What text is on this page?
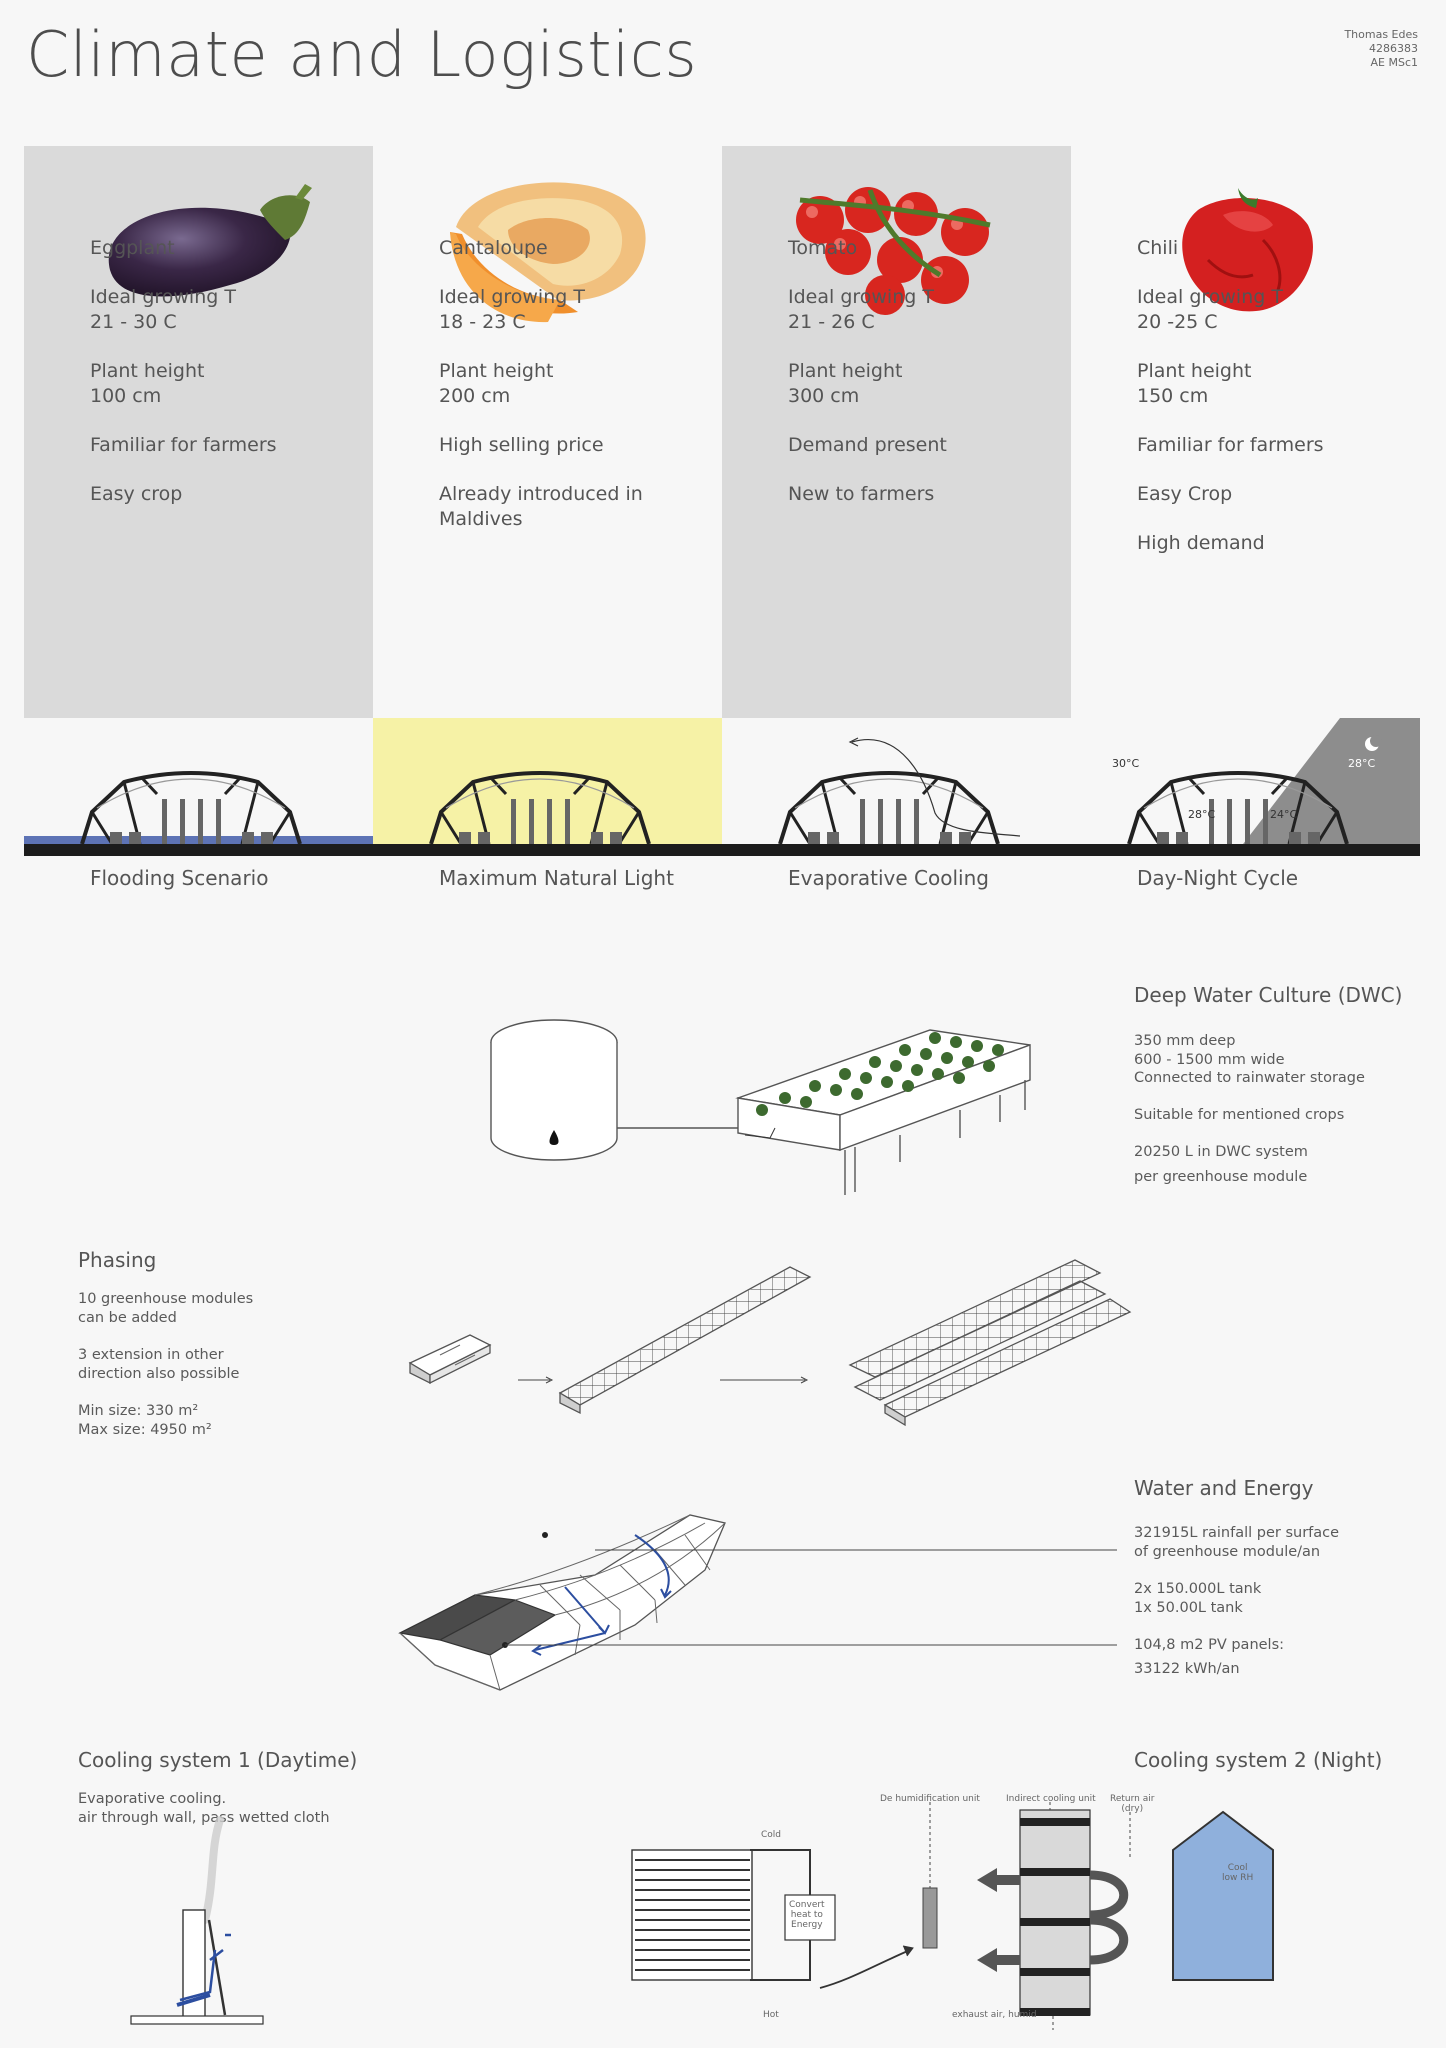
Climate and Logistics	Thomas Edes
4286383
AE MSc1

Eggplant

Ideal growing T
21 - 30 C

Plant height
100 cm

Familiar for farmers

Easy crop

Cantaloupe

Ideal growing T
18 - 23 C

Plant height
200 cm

High selling price

Already introduced in
Maldives

Tomato

Ideal growing T
21 - 26 C

Plant height
300 cm

Demand present

New to farmers

Chili

Ideal growing T
20 -25 C

Plant height
150 cm

Familiar for farmers

Easy Crop

High demand

30°C	28°C
28°C	24°C
Flooding Scenario	Maximum Natural Light	Evaporative Cooling	Day-Night Cycle
Deep Water Culture (DWC)
350 mm deep
600 - 1500 mm wide
Connected to rainwater storage
Suitable for mentioned crops
20250 L in DWC system
per greenhouse module
Phasing
10 greenhouse modules
can be added
3 extension in other
direction also possible
Min size: 330 m²
Max size: 4950 m²
Water and Energy
321915L rainfall per surface
of greenhouse module/an
2x 150.000L tank
1x 50.00L tank
104,8 m2 PV panels:
33122 kWh/an
Cooling system 1 (Daytime)
Evaporative cooling.
air through wall, pass wetted cloth
Cooling system 2 (Night)
De humidification unit	Indirect cooling unit Return air
(dry)
Cold
Hot
Convert
heat to
Energy
exhaust air, humid
Cool
low RH
